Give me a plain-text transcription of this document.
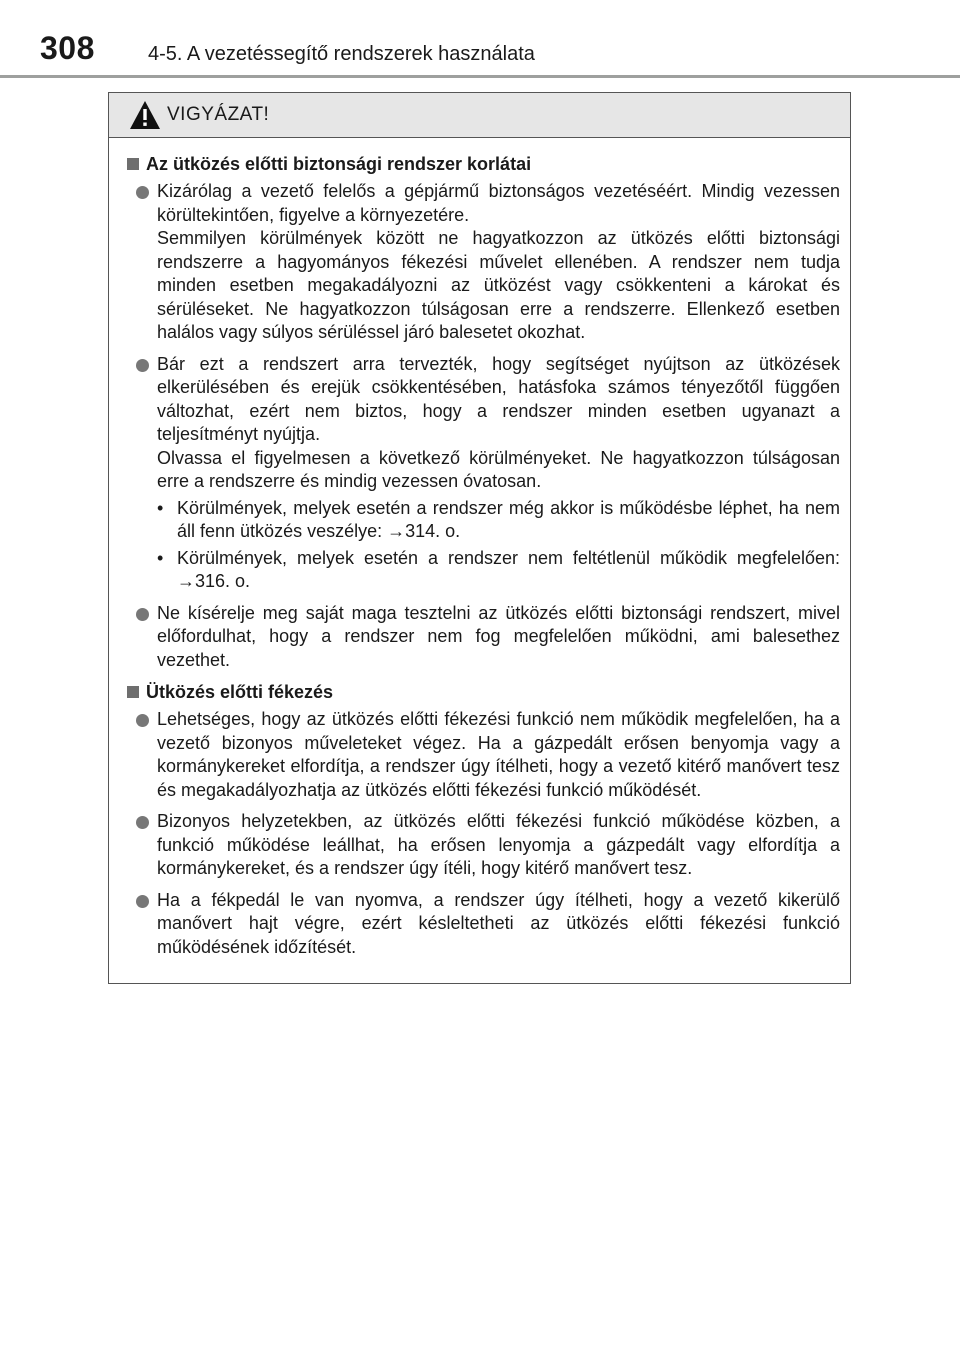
308	4-5. A vezetéssegítő rendszerek használata
VIGYÁZAT!
Az ütközés előtti biztonsági rendszer korlátai

Kizárólag a vezető felelős a gépjármű biztonságos vezetéséért. Mindig vezessen körültekintően, figyelve a környezetére.

Semmilyen körülmények között ne hagyatkozzon az ütközés előtti biztonsági rendszerre a hagyományos fékezési művelet ellenében. A rendszer nem tudja minden esetben megakadályozni az ütközést vagy csökkenteni a károkat és sérüléseket. Ne hagyatkozzon túlságosan erre a rendszerre. Ellenkező esetben halálos vagy súlyos sérüléssel járó balesetet okozhat.

Bár ezt a rendszert arra tervezték, hogy segítséget nyújtson az ütközések elkerülésében és erejük csökkentésében, hatásfoka számos tényezőtől függően változhat, ezért nem biztos, hogy a rendszer minden esetben ugyanazt a teljesítményt nyújtja.

Olvassa el figyelmesen a következő körülményeket. Ne hagyatkozzon túlságosan erre a rendszerre és mindig vezessen óvatosan.

• Körülmények, melyek esetén a rendszer még akkor is működésbe léphet, ha nem áll fenn ütközés veszélye: →314. o.

• Körülmények, melyek esetén a rendszer nem feltétlenül működik megfelelően: →316. o.

Ne kísérelje meg saját maga tesztelni az ütközés előtti biztonsági rendszert, mivel előfordulhat, hogy a rendszer nem fog megfelelően működni, ami balesethez vezethet.

Ütközés előtti fékezés

Lehetséges, hogy az ütközés előtti fékezési funkció nem működik megfelelően, ha a vezető bizonyos műveleteket végez. Ha a gázpedált erősen benyomja vagy a kormánykereket elfordítja, a rendszer úgy ítélheti, hogy a vezető kitérő manővert tesz és megakadályozhatja az ütközés előtti fékezési funkció működését.

Bizonyos helyzetekben, az ütközés előtti fékezési funkció működése közben, a funkció működése leállhat, ha erősen lenyomja a gázpedált vagy elfordítja a kormánykereket, és a rendszer úgy ítéli, hogy kitérő manővert tesz.

Ha a fékpedál le van nyomva, a rendszer úgy ítélheti, hogy a vezető kikerülő manővert hajt végre, ezért késleltetheti az ütközés előtti fékezési funkció működésének időzítését.
